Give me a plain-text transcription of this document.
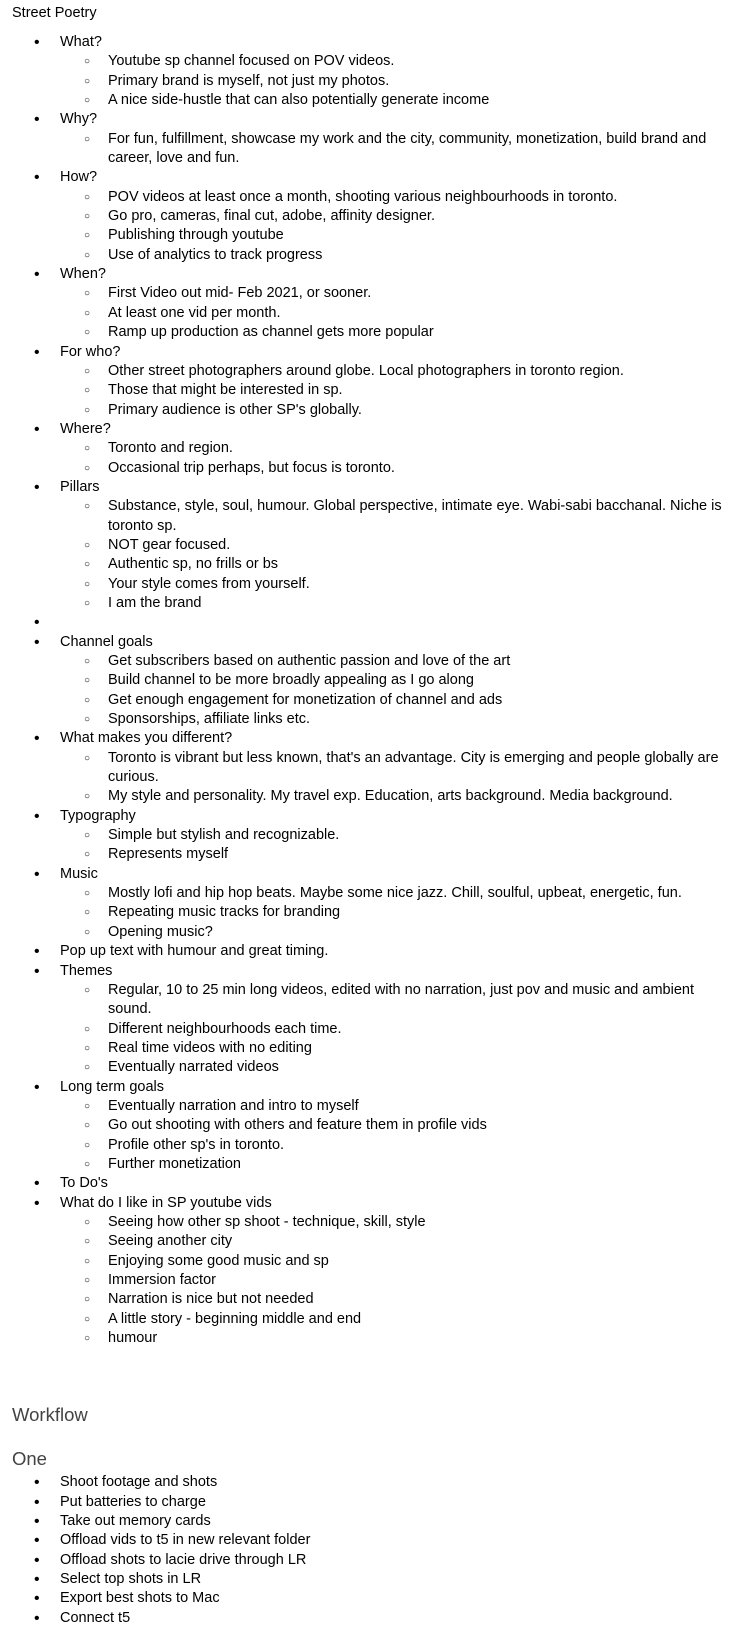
Street Poetry
• What?
○ Youtube sp channel focused on POV videos.
○ Primary brand is myself, not just my photos.
○ A nice side-hustle that can also potentially generate income
• Why?
○ For fun, fulfillment, showcase my work and the city, community, monetization, build brand and career, love and fun.
• How?
○ POV videos at least once a month, shooting various neighbourhoods in toronto.
○ Go pro, cameras, final cut, adobe, affinity designer.
○ Publishing through youtube
○ Use of analytics to track progress
• When?
○ First Video out mid- Feb 2021, or sooner.
○ At least one vid per month.
○ Ramp up production as channel gets more popular
• For who?
○ Other street photographers around globe. Local photographers in toronto region.
○ Those that might be interested in sp.
○ Primary audience is other SP's globally.
• Where?
○ Toronto and region.
○ Occasional trip perhaps, but focus is toronto.
• Pillars
○ Substance, style, soul, humour. Global perspective, intimate eye. Wabi-sabi bacchanal. Niche is toronto sp.
○ NOT gear focused.
○ Authentic sp, no frills or bs
○ Your style comes from yourself.
○ I am the brand
•
• Channel goals
○ Get subscribers based on authentic passion and love of the art
○ Build channel to be more broadly appealing as I go along
○ Get enough engagement for monetization of channel and ads
○ Sponsorships, affiliate links etc.
• What makes you different?
○ Toronto is vibrant but less known, that's an advantage. City is emerging and people globally are curious.
○ My style and personality. My travel exp. Education, arts background. Media background.
• Typography
○ Simple but stylish and recognizable.
○ Represents myself
• Music
○ Mostly lofi and hip hop beats. Maybe some nice jazz. Chill, soulful, upbeat, energetic, fun.
○ Repeating music tracks for branding
○ Opening music?
• Pop up text with humour and great timing.
• Themes
○ Regular, 10 to 25 min long videos, edited with no narration, just pov and music and ambient sound.
○ Different neighbourhoods each time.
○ Real time videos with no editing
○ Eventually narrated videos
• Long term goals
○ Eventually narration and intro to myself
○ Go out shooting with others and feature them in profile vids
○ Profile other sp's in toronto.
○ Further monetization
• To Do's
• What do I like in SP youtube vids
○ Seeing how other sp shoot - technique, skill, style
○ Seeing another city
○ Enjoying some good music and sp
○ Immersion factor
○ Narration is nice but not needed
○ A little story - beginning middle and end
○ humour
Workflow
One
• Shoot footage and shots
• Put batteries to charge
• Take out memory cards
• Offload vids to t5 in new relevant folder
• Offload shots to lacie drive through LR
• Select top shots in LR
• Export best shots to Mac
• Connect t5
